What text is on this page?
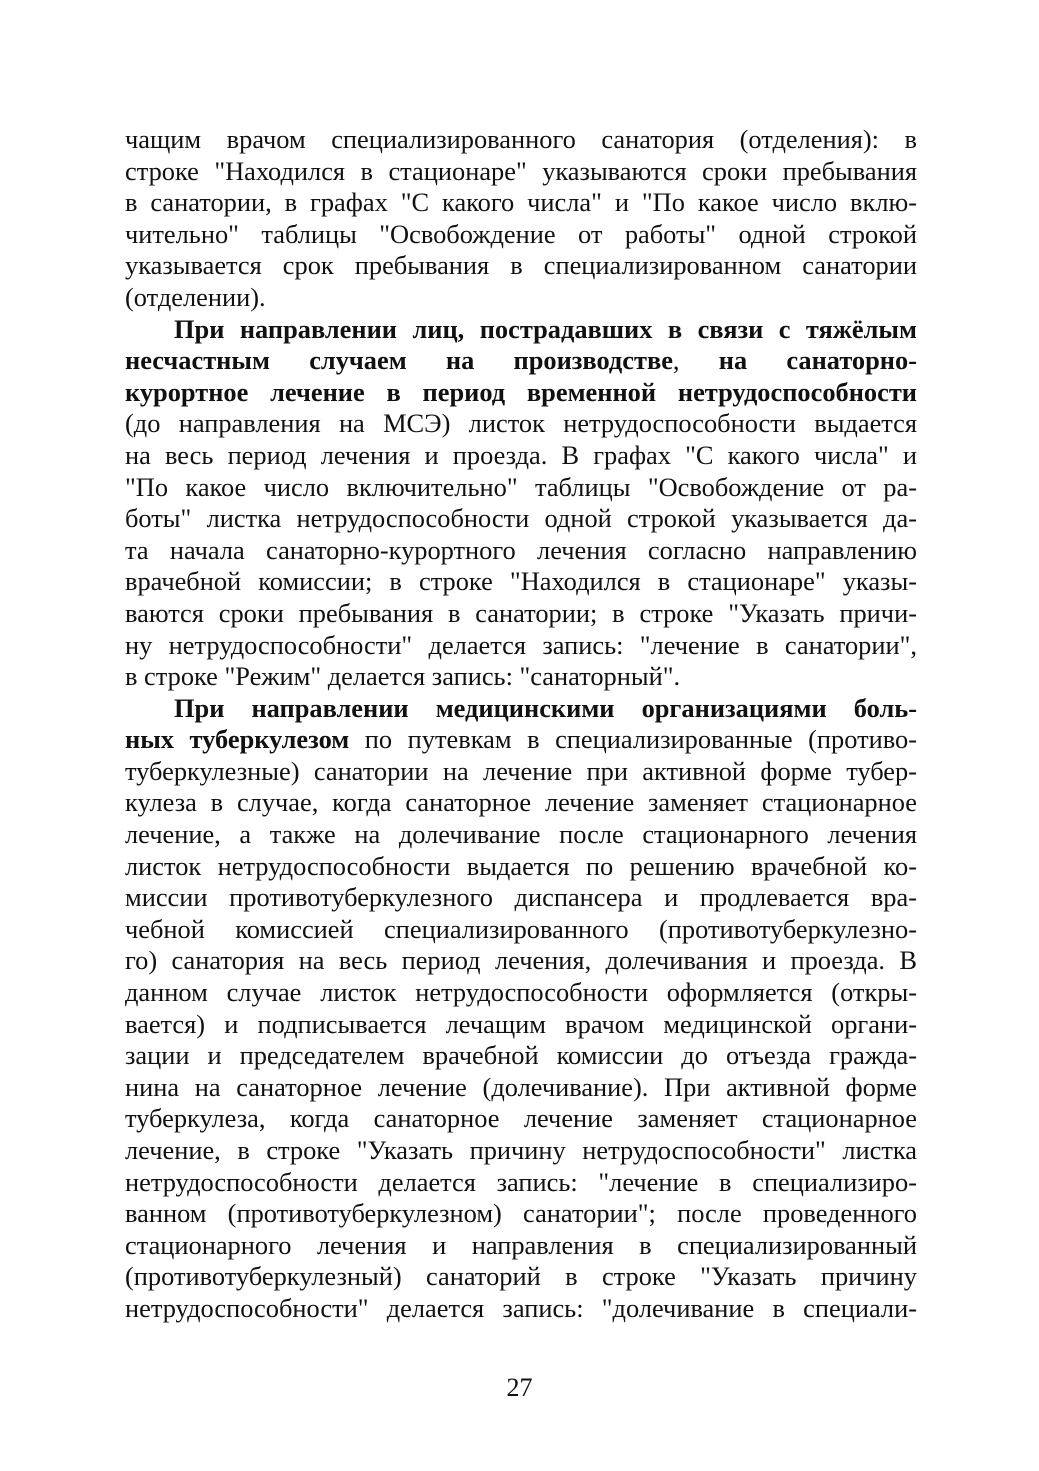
чащим врачом специализированного санатория (отделения): в
строке "Находился в стационаре" указываются сроки пребывания
в санатории, в графах "С какого числа" и "По какое число вклю-
чительно" таблицы "Освобождение от работы" одной строкой
указывается срок пребывания в специализированном санатории
(отделении).

При направлении лиц, пострадавших в связи с тяжёлым
несчастным случаем на производстве, на санаторно-
курортное лечение в период временной нетрудоспособности
(до направления на МСЭ) листок нетрудоспособности выдается
на весь период лечения и проезда. В графах "С какого числа" и
"По какое число включительно" таблицы "Освобождение от ра-
боты" листка нетрудоспособности одной строкой указывается да-
та начала санаторно-курортного лечения согласно направлению
врачебной комиссии; в строке "Находился в стационаре" указы-
ваются сроки пребывания в санатории; в строке "Указать причи-
ну нетрудоспособности" делается запись: "лечение в санатории",
в строке "Режим" делается запись: "санаторный".

При направлении медицинскими организациями боль-
ных туберкулезом по путевкам в специализированные (противо-
туберкулезные) санатории на лечение при активной форме тубер-
кулеза в случае, когда санаторное лечение заменяет стационарное
лечение, а также на долечивание после стационарного лечения
листок нетрудоспособности выдается по решению врачебной ко-
миссии противотуберкулезного диспансера и продлевается вра-
чебной комиссией специализированного (противотуберкулезно-
го) санатория на весь период лечения, долечивания и проезда. В
данном случае листок нетрудоспособности оформляется (откры-
вается) и подписывается лечащим врачом медицинской органи-
зации и председателем врачебной комиссии до отъезда гражда-
нина на санаторное лечение (долечивание). При активной форме
туберкулеза, когда санаторное лечение заменяет стационарное
лечение, в строке "Указать причину нетрудоспособности" листка
нетрудоспособности делается запись: "лечение в специализиро-
ванном (противотуберкулезном) санатории"; после проведенного
стационарного лечения и направления в специализированный
(противотуберкулезный) санаторий в строке "Указать причину
нетрудоспособности" делается запись: "долечивание в специали-

27
